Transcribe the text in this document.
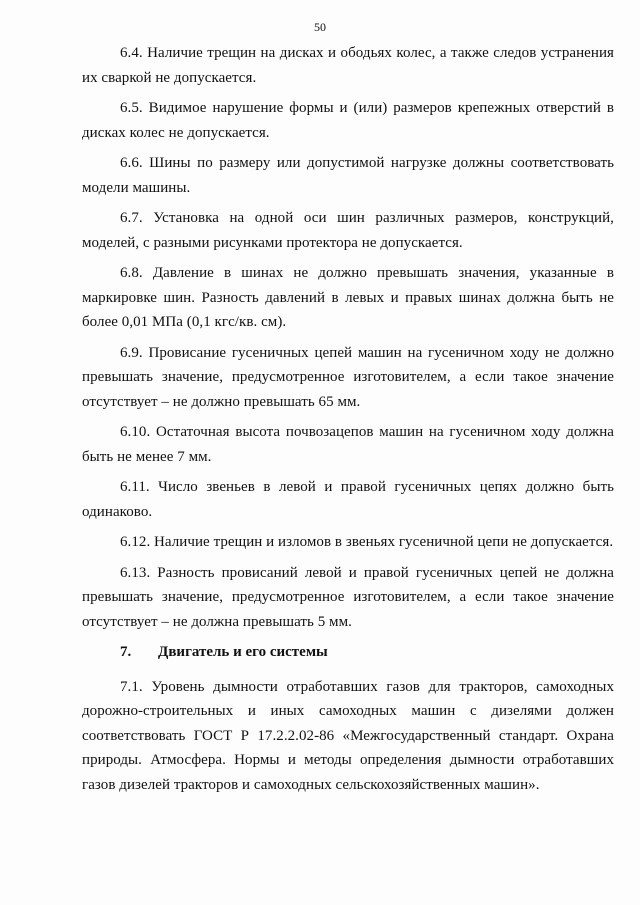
50

6.4. Наличие трещин на дисках и ободьях колес, а также следов устранения их сваркой не допускается.

6.5. Видимое нарушение формы и (или) размеров крепежных отверстий в дисках колес не допускается.

6.6. Шины по размеру или допустимой нагрузке должны соответствовать модели машины.

6.7. Установка на одной оси шин различных размеров, конструкций, моделей, с разными рисунками протектора не допускается.

6.8. Давление в шинах не должно превышать значения, указанные в маркировке шин. Разность давлений в левых и правых шинах должна быть не более 0,01 МПа (0,1 кгс/кв. см).

6.9. Провисание гусеничных цепей машин на гусеничном ходу не должно превышать значение, предусмотренное изготовителем, а если такое значение отсутствует – не должно превышать 65 мм.

6.10. Остаточная высота почвозацепов машин на гусеничном ходу должна быть не менее 7 мм.

6.11. Число звеньев в левой и правой гусеничных цепях должно быть одинаково.

6.12. Наличие трещин и изломов в звеньях гусеничной цепи не допускается.

6.13. Разность провисаний левой и правой гусеничных цепей не должна превышать значение, предусмотренное изготовителем, а если такое значение отсутствует – не должна превышать 5 мм.

7. Двигатель и его системы

7.1. Уровень дымности отработавших газов для тракторов, самоходных дорожно-строительных и иных самоходных машин с дизелями должен соответствовать ГОСТ Р 17.2.2.02-86 «Межгосударственный стандарт. Охрана природы. Атмосфера. Нормы и методы определения дымности отработавших газов дизелей тракторов и самоходных сельскохозяйственных машин».
